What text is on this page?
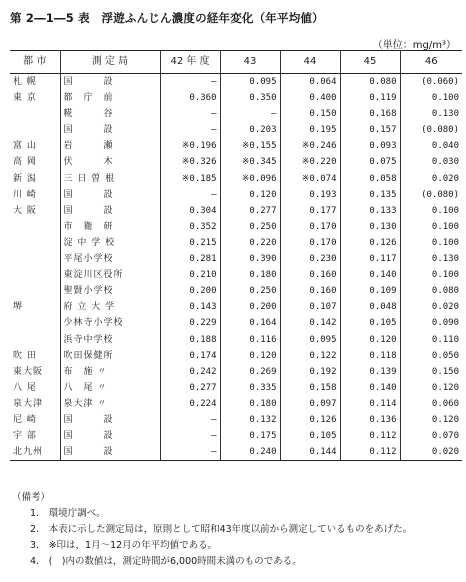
第 2―1―5 表　浮遊ふんじん濃度の経年変化（年平均値）
（単位：mg/m³）
都 市	測 定 局	42 年 度	43	44	45	46
札 幌	国　　　設	―	0.095	0.064	0.080	(0.060)
東 京	都　庁　前	0.360	0.350	0.400	0.119	0.100
	糀　　　谷	―	―	0.150	0.168	0.130
	国　　　設	―	0.203	0.195	0.157	(0.080)
富 山	岩　　　瀬	※0.196	※0.155	※0.246	0.093	0.040
高 岡	伏　　　木	※0.326	※0.345	※0.220	0.075	0.030
新 潟	三 日 曽 根	※0.185	※0.096	※0.074	0.058	0.020
川 崎	国　　　設	―	0.120	0.193	0.135	(0.080)
大 阪	国　　　設	0.304	0.277	0.177	0.133	0.100
	市　衛　研	0.352	0.250	0.170	0.130	0.100
	淀 中 学 校	0.215	0.220	0.170	0.126	0.100
	平尾小学校	0.281	0.390	0.230	0.117	0.130
	東淀川区役所	0.210	0.180	0.160	0.140	0.100
	聖賢小学校	0.200	0.250	0.160	0.109	0.080
堺	府 立 大 学	0.143	0.200	0.107	0.048	0.020
	少林寺小学校	0.229	0.164	0.142	0.105	0.090
	浜寺中学校	0.188	0.116	0.095	0.120	0.110
吹 田	吹田保健所	0.174	0.120	0.122	0.118	0.050
東大阪	布　施 〃	0.242	0.269	0.192	0.139	0.150
八 尾	八　尾 〃	0.277	0.335	0.158	0.140	0.120
泉大津	泉大津 〃	0.224	0.180	0.097	0.114	0.060
尼 崎	国　　　設	―	0.132	0.126	0.136	0.120
宇 部	国　　　設	―	0.175	0.105	0.112	0.070
北九州	国　　　設	―	0.240	0.144	0.112	0.020
（備考）
1.　環境庁調べ。
2.　本表に示した測定局は，原則として昭和43年度以前から測定しているものをあげた。
3.　※印は，1月～12月の年平均値である。
4.　(　)内の数値は，測定時間が6,000時間未満のものである。
